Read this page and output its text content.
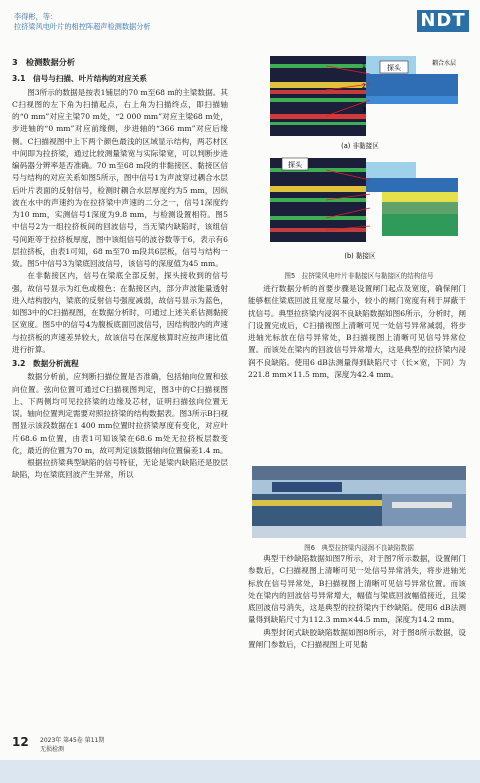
李得彬，等：
拉挤梁风电叶片的相控阵超声检测数据分析	NDT

3　检测数据分析

3.1　信号与扫描、叶片结构的对应关系

图3所示的数据是按表1铺层的70 m至68 m的主梁数据。其C扫视图的左下角为扫描起点，右上角为扫描终点，即扫描轴的“0 mm”对应主梁70 m处，“2 000 mm”对应主梁68 m处，步进轴的“0 mm”对应前缘侧，步进轴的“366 mm”对应后缘侧。C扫描视图中上下两个颜色最浅的区域显示结构，两芯材区中间即为拉挤梁，通过比较测量梁宽与实际梁宽，可以判断步进编码器分辨率是否准确。70 m至68 m段的非黏接区、黏接区信号与结构的对应关系如图5所示，图中信号1为声波穿过耦合水层后叶片表面的反射信号，检测时耦合水层厚度约为5 mm，因纵波在水中的声速约为在拉挤梁中声速的二分之一，信号1深度约为10 mm，实测信号1深度为9.8 mm，与检测设置相符。图5中信号2为一组拉挤板间的回波信号，当无梁内缺陷时，该组信号间距等于拉挤板厚度，图中该组信号的波谷数等于6，表示有6层拉挤板，由表1可知，68 m至70 m段共6层板，信号与结构一致。图5中信号3为梁底回波信号，该信号的深度值为45 mm。

在非黏接区内，信号在梁底全部反射，探头接收到的信号强，故信号显示为红色或橙色；在黏接区内，部分声波能量透射进入结构胶内，梁底的反射信号强度减弱，故信号显示为蓝色，如图3中的C扫描视图，在数据分析时，可通过上述关系估测黏接区宽度。图5中的信号4为腹板底面回波信号，因结构胶内的声速与拉挤板的声速差异较大，故该信号在深度核算时应按声速比值进行折算。

3.2　数据分析流程

数据分析前，应判断扫描位置是否准确，包括轴向位置和弦向位置。弦向位置可通过C扫描视图判定，图3中的C扫描视图上、下两侧均可见拉挤梁的边缘及芯材，证明扫描弦向位置无误。轴向位置判定需要对照拉挤梁的结构数据表。图3所示B扫视图显示该段数据在1 400 mm位置时拉挤梁厚度有变化，对应叶片68.6 m位置，由表1可知该梁在68.6 m处无拉挤板层数变化，最近的位置为70 m，故可判定该数据轴向位置偏差1.4 m。

根据拉挤梁典型缺陷的信号特征，无论是梁内缺陷还是胶层缺陷，均在梁底回波产生异常，所以

探头
耦合水层
1
2
3
(a) 非黏接区
探头
(b) 黏接区
图5　拉挤梁风电叶片非黏接区与黏接区的结构信号

进行数据分析的首要步骤是设置闸门起点及宽度，确保闸门能够框住梁底回波且宽度尽量小，较小的闸门宽度有利于屏蔽干扰信号。典型拉挤梁内浸润不良缺陷数据如图6所示，分析时，闸门设置完成后，C扫描视图上清晰可见一处信号异常减弱，将步进轴光标放在信号异常处，B扫描视图上清晰可见信号异常位置。而该处在梁内的回波信号异常增大，这是典型的拉挤梁内浸润不良缺陷。使用6 dB法测量得到缺陷尺寸（长×宽，下同）为221.8 mm×11.5 mm，深度为42.4 mm。

图6　典型拉挤梁内浸润不良缺陷数据

典型干纱缺陷数据如图7所示，对于图7所示数据，设置闸门参数后，C扫描视图上清晰可见一处信号异常消失，将步进轴光标放在信号异常处，B扫描视图上清晰可见信号异常位置。而该处在梁内的回波信号异常增大，幅值与梁底回波幅值接近，且梁底回波信号消失，这是典型的拉挤梁内干纱缺陷。使用6 dB法测量得到缺陷尺寸为112.3 mm×44.5 mm，深度为14.2 mm。

典型封闭式缺胶缺陷数据如图8所示，对于图8所示数据，设置闸门参数后，C扫描视图上可见黏

12 2023年 第45卷 第11期
无损检测
